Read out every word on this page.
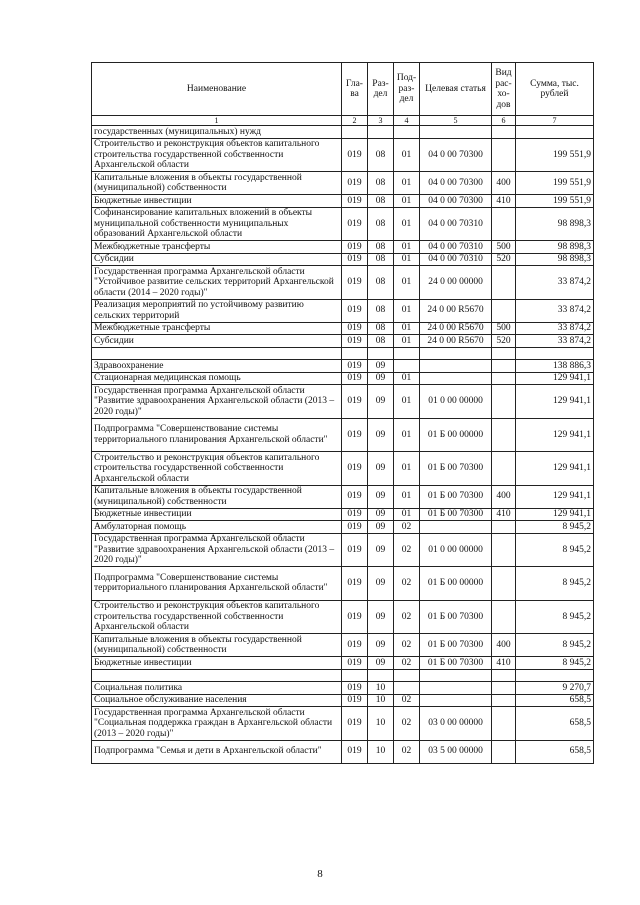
Наименование	Гла-ва	Раз-дел	Под-раз-дел	Целевая статья	Вид рас-хо-дов	Сумма, тыс. рублей
1	2	3	4	5	6	7
государственных (муниципальных) нужд						
Строительство и реконструкция объектов капитального строительства государственной собственности Архангельской области	019	08	01	04 0 00 70300		199 551,9
Капитальные вложения в объекты государственной (муниципальной) собственности	019	08	01	04 0 00 70300	400	199 551,9
Бюджетные инвестиции	019	08	01	04 0 00 70300	410	199 551,9
Софинансирование капитальных вложений в объекты муниципальной собственности муниципальных образований Архангельской области	019	08	01	04 0 00 70310		98 898,3
Межбюджетные трансферты	019	08	01	04 0 00 70310	500	98 898,3
Субсидии	019	08	01	04 0 00 70310	520	98 898,3
Государственная программа Архангельской области "Устойчивое развитие сельских территорий Архангельской области (2014 – 2020 годы)"	019	08	01	24 0 00 00000		33 874,2
Реализация мероприятий по устойчивому развитию сельских территорий	019	08	01	24 0 00 R5670		33 874,2
Межбюджетные трансферты	019	08	01	24 0 00 R5670	500	33 874,2
Субсидии	019	08	01	24 0 00 R5670	520	33 874,2

Здравоохранение	019	09				138 886,3
Стационарная медицинская помощь	019	09	01			129 941,1
Государственная программа Архангельской области "Развитие здравоохранения Архангельской области (2013 – 2020 годы)"	019	09	01	01 0 00 00000		129 941,1
Подпрограмма "Совершенствование системы территориального планирования Архангельской области"	019	09	01	01 Б 00 00000		129 941,1
Строительство и реконструкция объектов капитального строительства государственной собственности Архангельской области	019	09	01	01 Б 00 70300		129 941,1
Капитальные вложения в объекты государственной (муниципальной) собственности	019	09	01	01 Б 00 70300	400	129 941,1
Бюджетные инвестиции	019	09	01	01 Б 00 70300	410	129 941,1
Амбулаторная помощь	019	09	02			8 945,2
Государственная программа Архангельской области "Развитие здравоохранения Архангельской области (2013 – 2020 годы)"	019	09	02	01 0 00 00000		8 945,2
Подпрограмма "Совершенствование системы территориального планирования Архангельской области"	019	09	02	01 Б 00 00000		8 945,2
Строительство и реконструкция объектов капитального строительства государственной собственности Архангельской области	019	09	02	01 Б 00 70300		8 945,2
Капитальные вложения в объекты государственной (муниципальной) собственности	019	09	02	01 Б 00 70300	400	8 945,2
Бюджетные инвестиции	019	09	02	01 Б 00 70300	410	8 945,2

Социальная политика	019	10				9 270,7
Социальное обслуживание населения	019	10	02			658,5
Государственная программа Архангельской области "Социальная поддержка граждан в Архангельской области (2013 – 2020 годы)"	019	10	02	03 0 00 00000		658,5
Подпрограмма "Семья и дети в Архангельской области"	019	10	02	03 5 00 00000		658,5
8
